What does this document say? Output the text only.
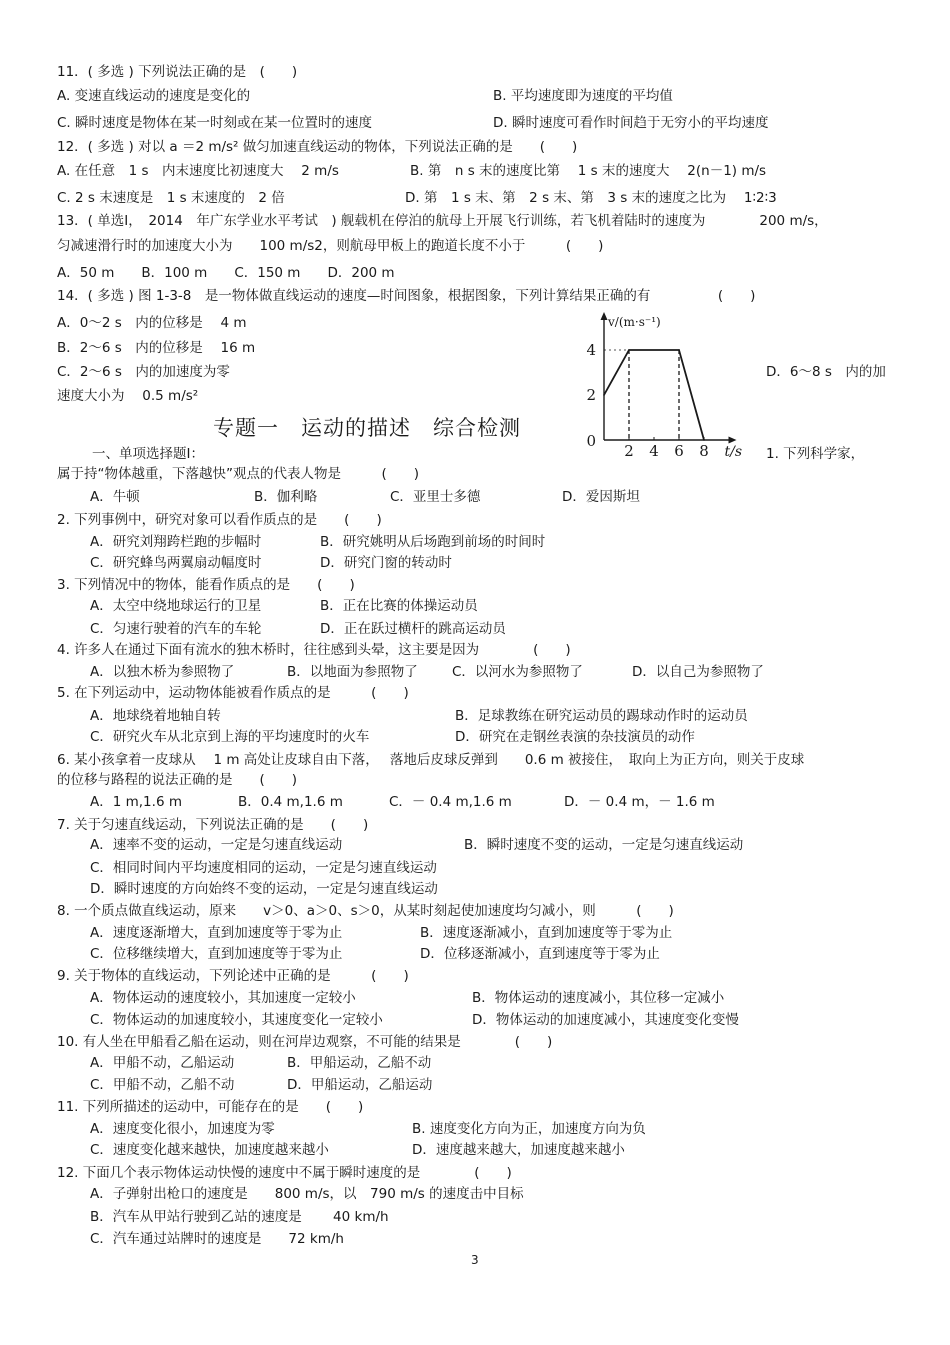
11．( 多选 ) 下列说法正确的是　(　　)
A. 变速直线运动的速度是变化的	B. 平均速度即为速度的平均值
C. 瞬时速度是物体在某一时刻或在某一位置时的速度	D. 瞬时速度可看作时间趋于无穷小的平均速度
12．( 多选 ) 对以 a ＝2 m/s² 做匀加速直线运动的物体，下列说法正确的是　　(　　)
A. 在任意　1 s　内末速度比初速度大　 2 m/s	B. 第　n s 末的速度比第　 1 s 末的速度大　 2(n－1) m/s
C. 2 s 末速度是　1 s 末速度的　2 倍	D. 第　1 s 末、第　2 s 末、第　3 s 末的速度之比为　 1∶2∶3
13．( 单选Ⅰ，　2014　年广东学业水平考试　) 舰载机在停泊的航母上开展飞行训练，若飞机着陆时的速度为　　　　200 m/s，
匀减速滑行时的加速度大小为　　100 m/s2，则航母甲板上的跑道长度不小于　　　(　　)
A．50 m　　B．100 m　　C．150 m　　D．200 m
14．( 多选 ) 图 1-3-8　是一物体做直线运动的速度—时间图象，根据图象，下列计算结果正确的有　　　　　(　　)
A．0～2 s　内的位移是　 4 m
B．2～6 s　内的位移是　 16 m
C．2～6 s　内的加速度为零	D．6～8 s　内的加
速度大小为　 0.5 m/s²
一、单项选择题Ⅰ：	1. 下列科学家，
属于持“物体越重，下落越快”观点的代表人物是　　　(　　)
A．牛顿	B．伽利略	C．亚里士多德	D．爱因斯坦
2. 下列事例中，研究对象可以看作质点的是　　(　　)
A．研究刘翔跨栏跑的步幅时	B．研究姚明从后场跑到前场的时间时
C．研究蜂鸟两翼扇动幅度时	D．研究门窗的转动时
3. 下列情况中的物体，能看作质点的是　　(　　)
A．太空中绕地球运行的卫星	B．正在比赛的体操运动员
C．匀速行驶着的汽车的车轮	D．正在跃过横杆的跳高运动员
4. 许多人在通过下面有流水的独木桥时，往往感到头晕，这主要是因为　　　　(　　)
A．以独木桥为参照物了	B．以地面为参照物了	C．以河水为参照物了	D．以自己为参照物了
5. 在下列运动中，运动物体能被看作质点的是　　　(　　)
A．地球绕着地轴自转	B．足球教练在研究运动员的踢球动作时的运动员
C．研究火车从北京到上海的平均速度时的火车	D．研究在走钢丝表演的杂技演员的动作
6. 某小孩拿着一皮球从　 1 m 高处让皮球自由下落，　 落地后皮球反弹到　　0.6 m 被接住，　取向上为正方向，则关于皮球
的位移与路程的说法正确的是　　(　　)
A．1 m,1.6 m	B．0.4 m,1.6 m	C．－ 0.4 m,1.6 m	D．－ 0.4 m，－ 1.6 m
7. 关于匀速直线运动，下列说法正确的是　　(　　)
A．速率不变的运动，一定是匀速直线运动	B．瞬时速度不变的运动，一定是匀速直线运动
C．相同时间内平均速度相同的运动，一定是匀速直线运动
D．瞬时速度的方向始终不变的运动，一定是匀速直线运动
8. 一个质点做直线运动，原来　　v＞0、a＞0、s＞0，从某时刻起使加速度均匀减小，则　　　(　　)
A．速度逐渐增大，直到加速度等于零为止	B．速度逐渐减小，直到加速度等于零为止
C．位移继续增大，直到加速度等于零为止	D．位移逐渐减小，直到速度等于零为止
9. 关于物体的直线运动，下列论述中正确的是　　　(　　)
A．物体运动的速度较小，其加速度一定较小	B．物体运动的速度减小，其位移一定减小
C．物体运动的加速度较小，其速度变化一定较小	D．物体运动的加速度减小，其速度变化变慢
10. 有人坐在甲船看乙船在运动，则在河岸边观察，不可能的结果是　　　　(　　)
A．甲船不动，乙船运动	B．甲船运动，乙船不动
C．甲船不动，乙船不动	D．甲船运动，乙船运动
11. 下列所描述的运动中，可能存在的是　　(　　)
A．速度变化很小，加速度为零	B. 速度变化方向为正，加速度方向为负
C．速度变化越来越快，加速度越来越小	D．速度越来越大，加速度越来越小
12. 下面几个表示物体运动快慢的速度中不属于瞬时速度的是　　　　(　　)
A．子弹射出枪口的速度是　　800 m/s，以　790 m/s 的速度击中目标
B．汽车从甲站行驶到乙站的速度是　　 40 km/h
C．汽车通过站牌时的速度是　　72 km/h
专题一　运动的描述　综合检测
2 4 6 8
2
4
0
t/s
v/(m·s⁻¹)
3
